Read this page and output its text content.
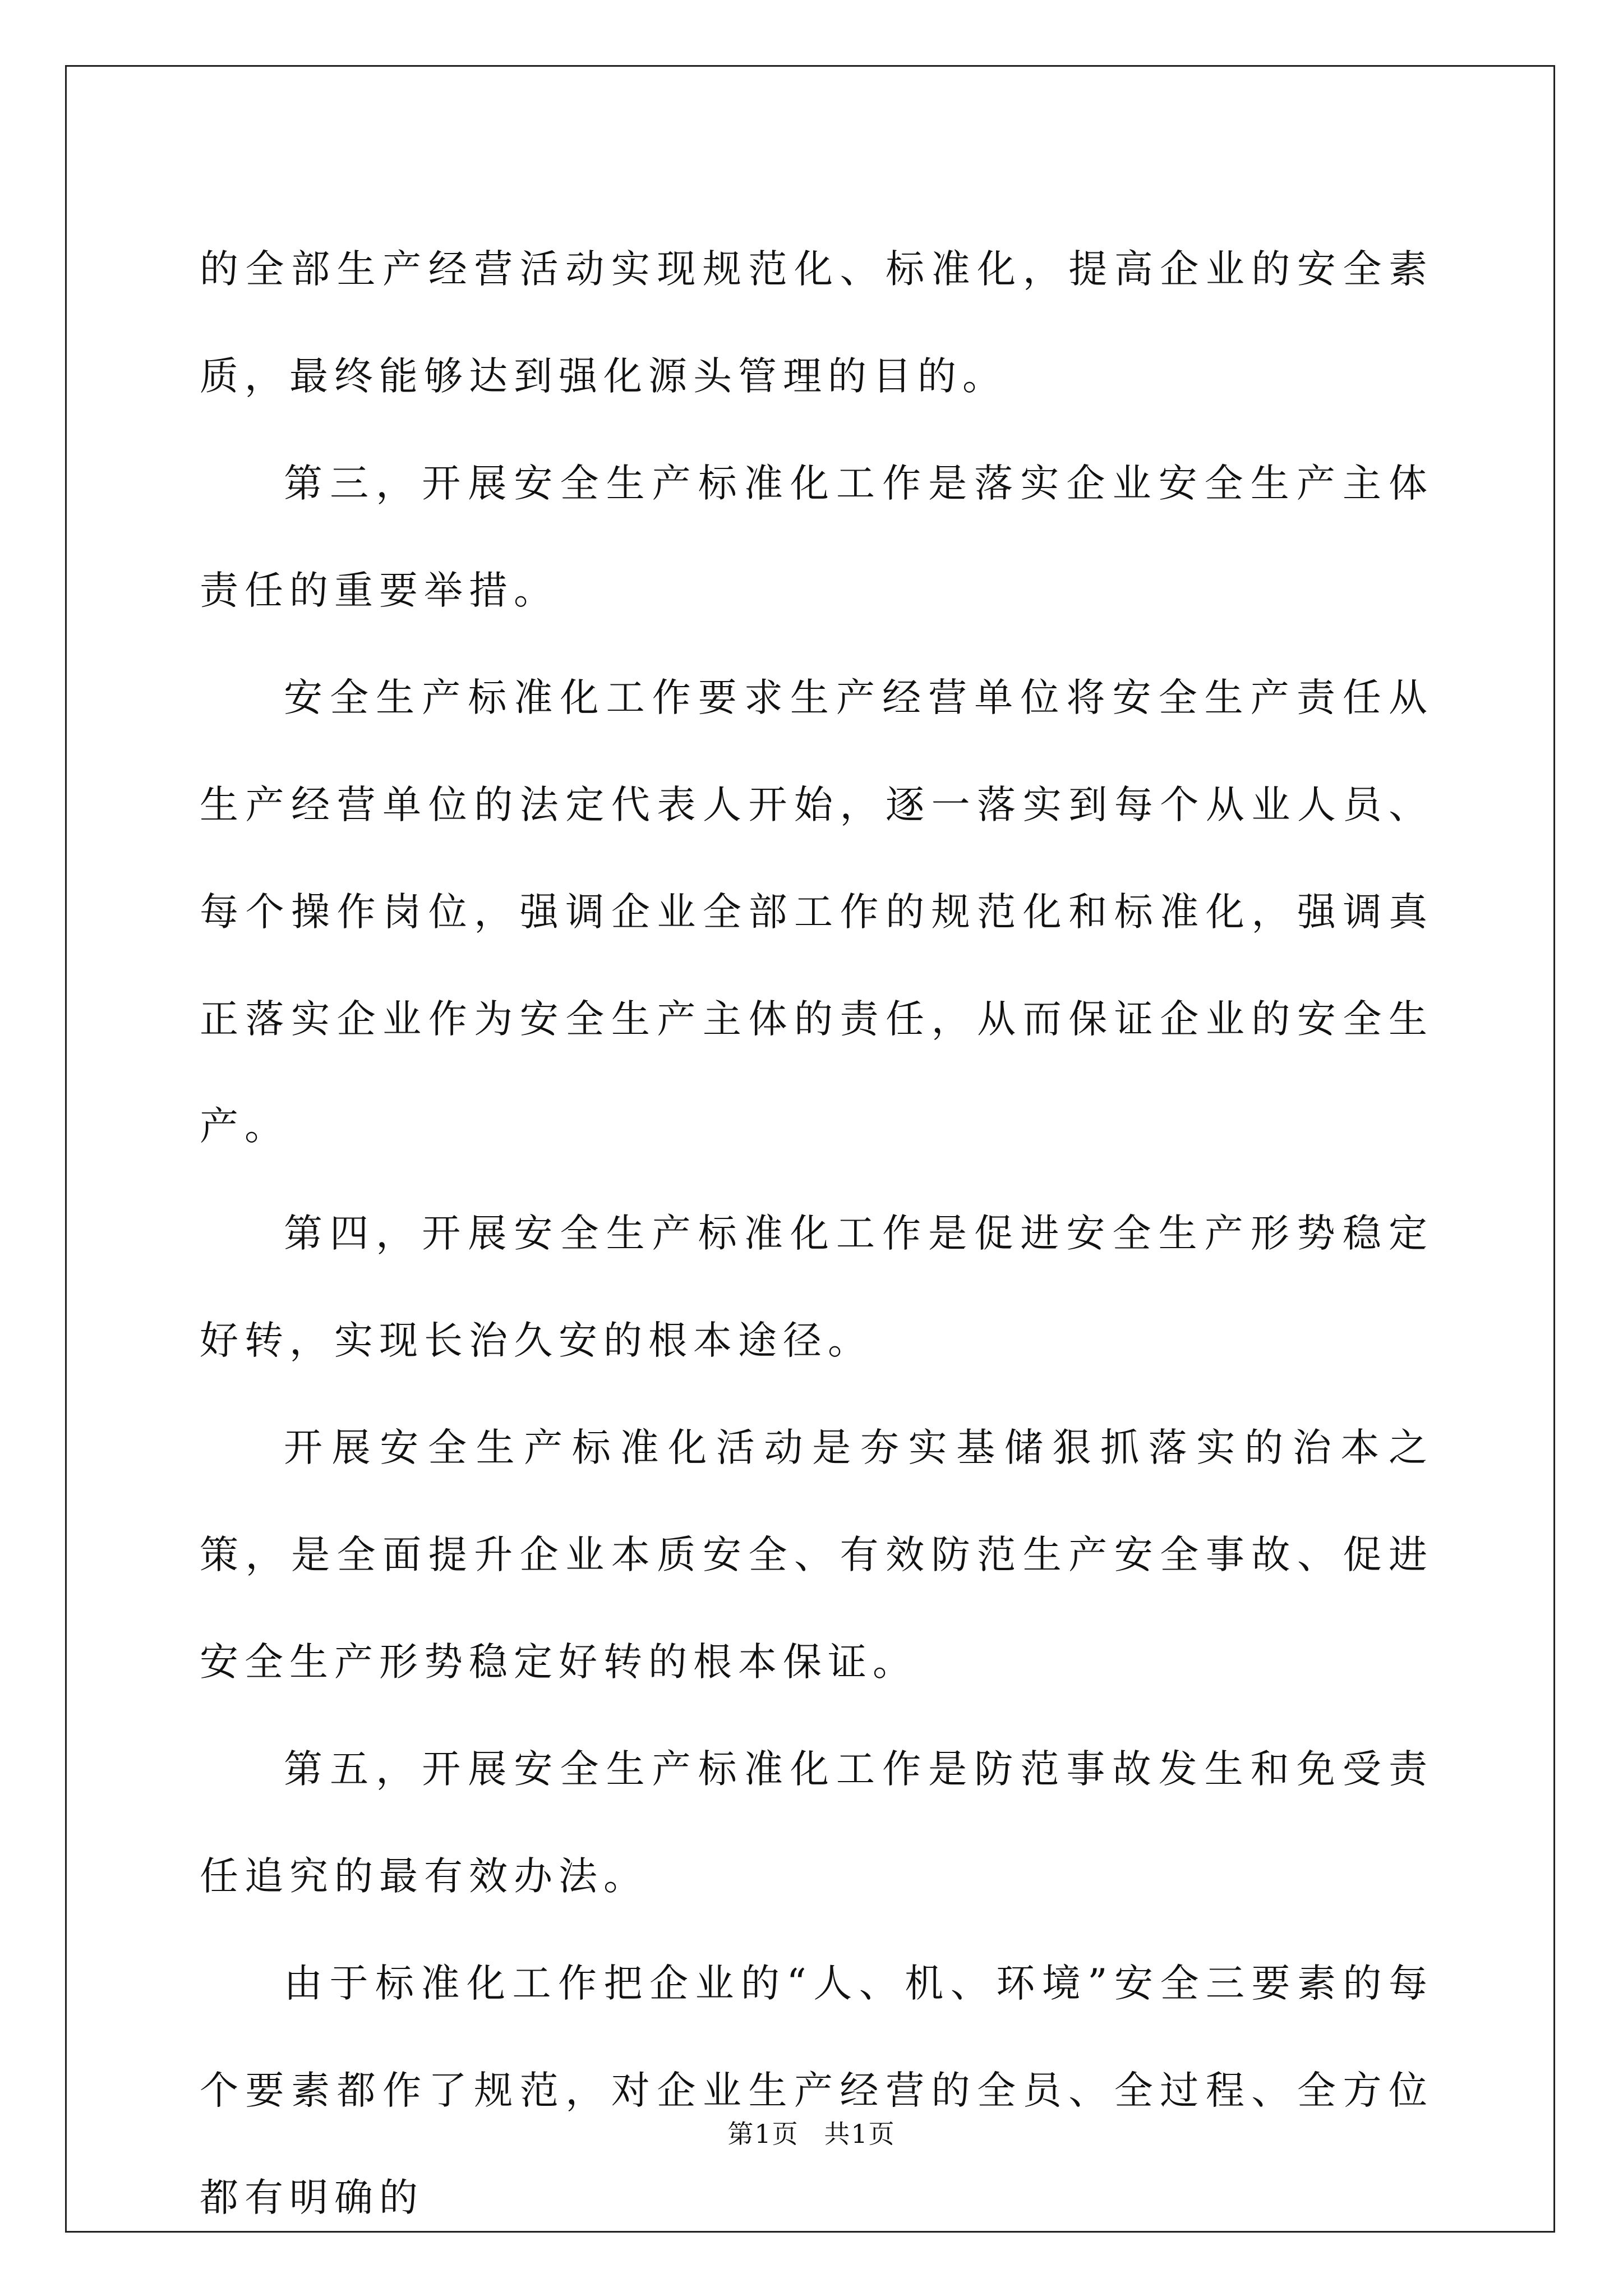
的全部生产经营活动实现规范化、标准化，提高企业的安全素质，最终能够达到强化源头管理的目的。

第三，开展安全生产标准化工作是落实企业安全生产主体责任的重要举措。

安全生产标准化工作要求生产经营单位将安全生产责任从生产经营单位的法定代表人开始，逐一落实到每个从业人员、每个操作岗位，强调企业全部工作的规范化和标准化，强调真正落实企业作为安全生产主体的责任，从而保证企业的安全生产。

第四，开展安全生产标准化工作是促进安全生产形势稳定好转，实现长治久安的根本途径。

开展安全生产标准化活动是夯实基储狠抓落实的治本之策，是全面提升企业本质安全、有效防范生产安全事故、促进安全生产形势稳定好转的根本保证。

第五，开展安全生产标准化工作是防范事故发生和免受责任追究的最有效办法。

由于标准化工作把企业的“人、机、环境”安全三要素的每个要素都作了规范，对企业生产经营的全员、全过程、全方位都有明确的

第1页 共1页
